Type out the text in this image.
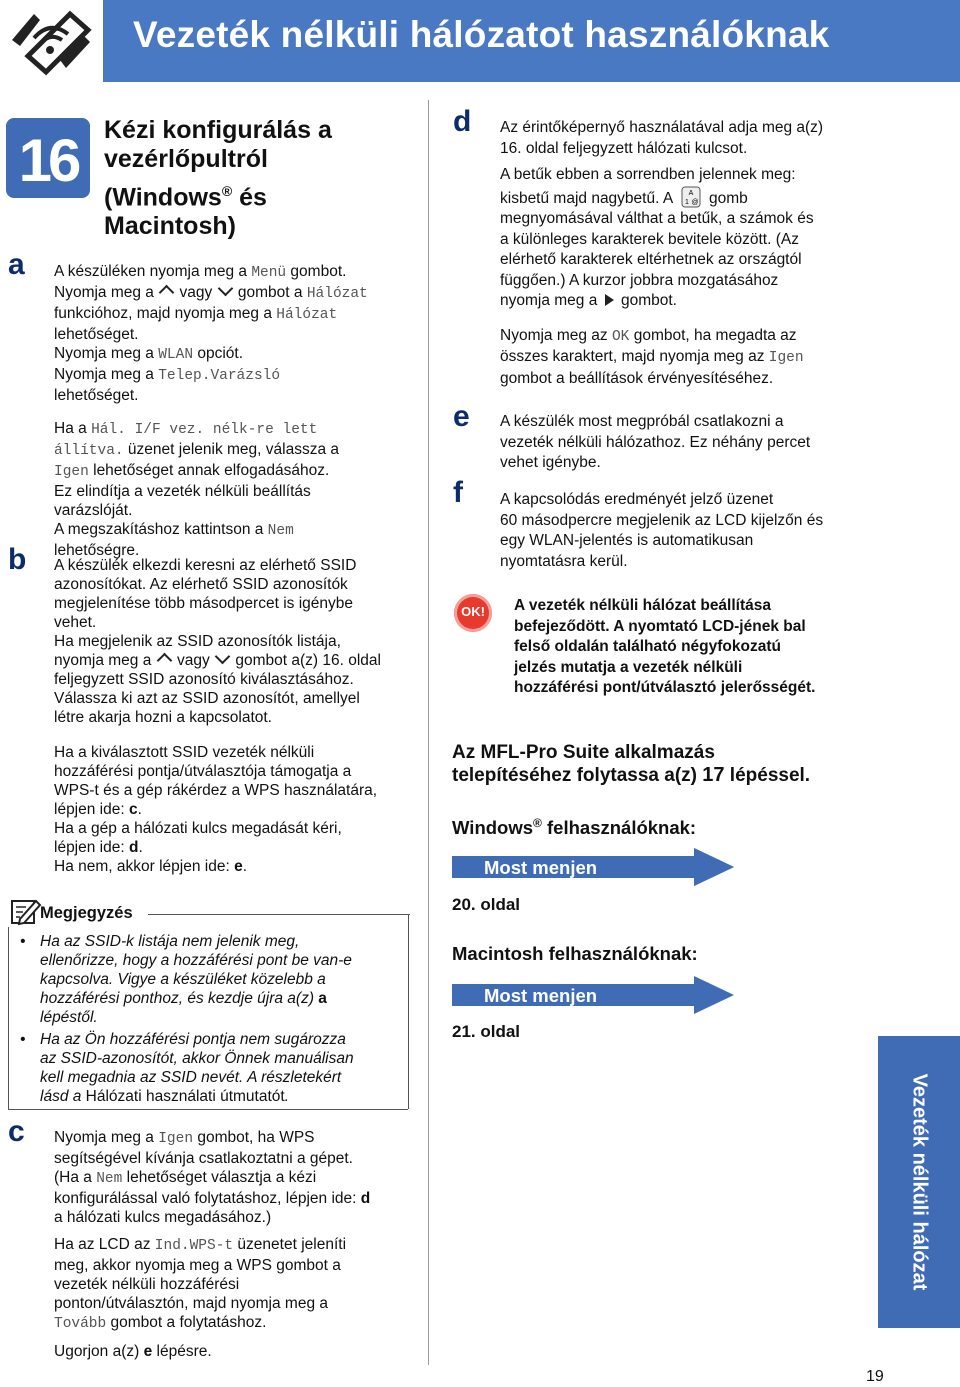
Vezeték nélküli hálózatot használóknak
16	Kézi konfigurálás a
vezérlőpultról
(Windows® és
Macintosh)
a A készüléken nyomja meg a Menü gombot.
Nyomja meg a  vagy  gombot a Hálózat
funkcióhoz, majd nyomja meg a Hálózat
lehetőséget.
Nyomja meg a WLAN opciót.
Nyomja meg a Telep.Varázsló
lehetőséget.
Ha a Hál. I/F vez. nélk-re lett
állítva. üzenet jelenik meg, válassza a
Igen lehetőséget annak elfogadásához.
Ez elindítja a vezeték nélküli beállítás
varázslóját.
A megszakításhoz kattintson a Nem
lehetőségre.
b A készülék elkezdi keresni az elérhető SSID
azonosítókat. Az elérhető SSID azonosítók
megjelenítése több másodpercet is igénybe
vehet.
Ha megjelenik az SSID azonosítók listája,
nyomja meg a  vagy  gombot a(z) 16. oldal
feljegyzett SSID azonosító kiválasztásához.
Válassza ki azt az SSID azonosítót, amellyel
létre akarja hozni a kapcsolatot.
Ha a kiválasztott SSID vezeték nélküli
hozzáférési pontja/útválasztója támogatja a
WPS-t és a gép rákérdez a WPS használatára,
lépjen ide: c.
Ha a gép a hálózati kulcs megadását kéri,
lépjen ide: d.
Ha nem, akkor lépjen ide: e.
Megjegyzés
• Ha az SSID-k listája nem jelenik meg,
ellenőrizze, hogy a hozzáférési pont be van-e
kapcsolva. Vigye a készüléket közelebb a
hozzáférési ponthoz, és kezdje újra a(z) a
lépéstől.
• Ha az Ön hozzáférési pontja nem sugározza
az SSID-azonosítót, akkor Önnek manuálisan
kell megadnia az SSID nevét. A részletekért
lásd a Hálózati használati útmutatót.
c Nyomja meg a Igen gombot, ha WPS
segítségével kívánja csatlakoztatni a gépet.
(Ha a Nem lehetőséget választja a kézi
konfigurálással való folytatáshoz, lépjen ide: d
a hálózati kulcs megadásához.)
Ha az LCD az Ind.WPS-t üzenetet jeleníti
meg, akkor nyomja meg a WPS gombot a
vezeték nélküli hozzáférési
ponton/útválasztón, majd nyomja meg a
Tovább gombot a folytatáshoz.
Ugorjon a(z) e lépésre.
d Az érintőképernyő használatával adja meg a(z)
16. oldal feljegyzett hálózati kulcsot.
A betűk ebben a sorrendben jelennek meg:
kisbetű majd nagybetű. A A
1 @ gomb
megnyomásával válthat a betűk, a számok és
a különleges karakterek bevitele között. (Az
elérhető karakterek eltérhetnek az országtól
függően.) A kurzor jobbra mozgatásához
nyomja meg a  gombot.
Nyomja meg az OK gombot, ha megadta az
összes karaktert, majd nyomja meg az Igen
gombot a beállítások érvényesítéséhez.
e A készülék most megpróbál csatlakozni a
vezeték nélküli hálózathoz. Ez néhány percet
vehet igénybe.
f A kapcsolódás eredményét jelző üzenet
60 másodpercre megjelenik az LCD kijelzőn és
egy WLAN-jelentés is automatikusan
nyomtatásra kerül.
OK!	A vezeték nélküli hálózat beállítása
befejeződött. A nyomtató LCD-jének bal
felső oldalán található négyfokozatú
jelzés mutatja a vezeték nélküli
hozzáférési pont/útválasztó jelerősségét.
Az MFL-Pro Suite alkalmazás
telepítéséhez folytassa a(z) 17 lépéssel.
Windows® felhasználóknak:
Most menjen
20. oldal
Macintosh felhasználóknak:
Most menjen
21. oldal
Vezeték nélküli hálózat
19
